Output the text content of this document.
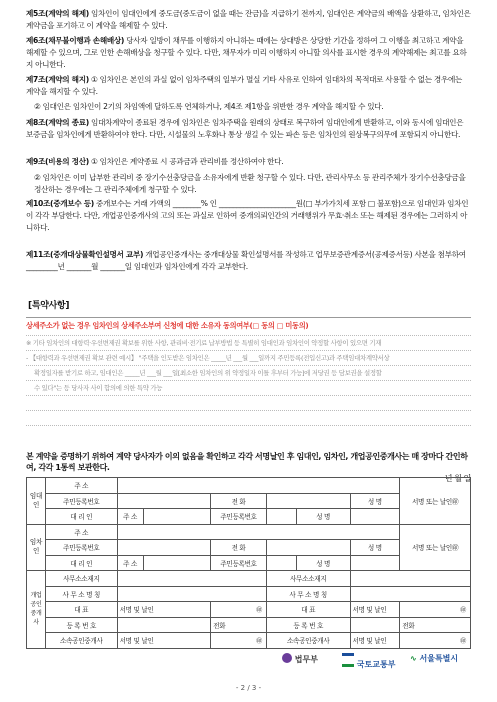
제5조(계약의 해제) 임차인이 임대인에게 중도금(중도금이 없을 때는 잔금)을 지급하기 전까지, 임대인은 계약금의 배액을 상환하고, 임차인은 계약금을 포기하고 이 계약을 해제할 수 있다.
제6조(채무불이행과 손해배상) 당사자 일방이 채무를 이행하지 아니하는 때에는 상대방은 상당한 기간을 정하여 그 이행을 최고하고 계약을 해제할 수 있으며, 그로 인한 손해배상을 청구할 수 있다. 다만, 채무자가 미리 이행하지 아니할 의사를 표시한 경우의 계약해제는 최고를 요하지 아니한다.
제7조(계약의 해지) ① 임차인은 본인의 과실 없이 임차주택의 일부가 멸실 기타 사유로 인하여 임대차의 목적대로 사용할 수 없는 경우에는 계약을 해지할 수 있다.
② 임대인은 임차인이 2기의 차임액에 달하도록 연체하거나, 제4조 제1항을 위반한 경우 계약을 해지할 수 있다.
제8조(계약의 종료) 임대차계약이 종료된 경우에 임차인은 임차주택을 원래의 상태로 복구하여 임대인에게 반환하고, 이와 동시에 임대인은 보증금을 임차인에게 반환하여야 한다. 다만, 시설물의 노후화나 통상 생길 수 있는 파손 등은 임차인의 원상복구의무에 포함되지 아니한다.
제9조(비용의 정산) ① 임차인은 계약종료 시 공과금과 관리비를 정산하여야 한다.
② 임차인은 이미 납부한 관리비 중 장기수선충당금을 소유자에게 반환 청구할 수 있다. 다만, 관리사무소 등 관리주체가 장기수선충당금을 정산하는 경우에는 그 관리주체에게 청구할 수 있다.
제10조(중개보수 등) 중개보수는 거래 가액의 ________% 인 ______________________원(□ 부가가치세 포함 □ 불포함)으로 임대인과 임차인이 각각 부담한다. 다만, 개업공인중개사의 고의 또는 과실로 인하여 중개의뢰인간의 거래행위가 무효·취소 또는 해제된 경우에는 그러하지 아니하다.
제11조(중개대상물확인설명서 교부) 개업공인중개사는 중개대상물 확인설명서를 작성하고 업무보증관계증서(공제증서등) 사본을 첨부하여 _________년 _______월 _______일 임대인과 임차인에게 각각 교부한다.
[특약사항]
상세주소가 없는 경우 임차인의 상세주소부여 신청에 대한 소유자 동의여부(□ 동의 □ 미동의)
※ 기타 임차인의 대항력·우선변제권 확보를 위한 사항, 관리비·전기료 납부방법 등 특별히 임대인과 임차인이 약정할 사항이 있으면 기재
- 【대항력과 우선변제권 확보 관련 예시】 "주택을 인도받은 임차인은 _____년 ___월 ___일까지 주민등록(전입신고)과 주택임대차계약서상
확정일자를 받기로 하고, 임대인은 _____년 ___월 ___일[최소한 임차인의 위 약정일자 이틀 후부터 가능]에 저당권 등 담보권을 설정할
수 있다"는 등 당사자 사이 합의에 의한 특약 가능
본 계약을 증명하기 위하여 계약 당사자가 이의 없음을 확인하고 각각 서명날인 후 임대인, 임차인, 개업공인중개사는 매 장마다 간인하여, 각각 1통씩 보관한다.
년 월 일
임대인	주 소							서명 또는 날인㊞
	주민등록번호			전 화			성 명	
	대 리 인	주 소		주민등록번호		성 명		
임차인	주 소							서명 또는 날인㊞
	주민등록번호			전 화			성 명	
	대 리 인	주 소		주민등록번호		성 명		
개업공인중개사	사무소소재지				사무소소재지			
	사 무 소 명 칭				사 무 소 명 칭			
	대 표	서명 및 날인		㊞	대 표		서명 및 날인	㊞
	등 록 번 호			전화	등 록 번 호			전화
	소속공인중개사	서명 및 날인		㊞	소속공인중개사		서명 및 날인	㊞
법무부
국토교통부
∿ 서울특별시
- 2 / 3 -
